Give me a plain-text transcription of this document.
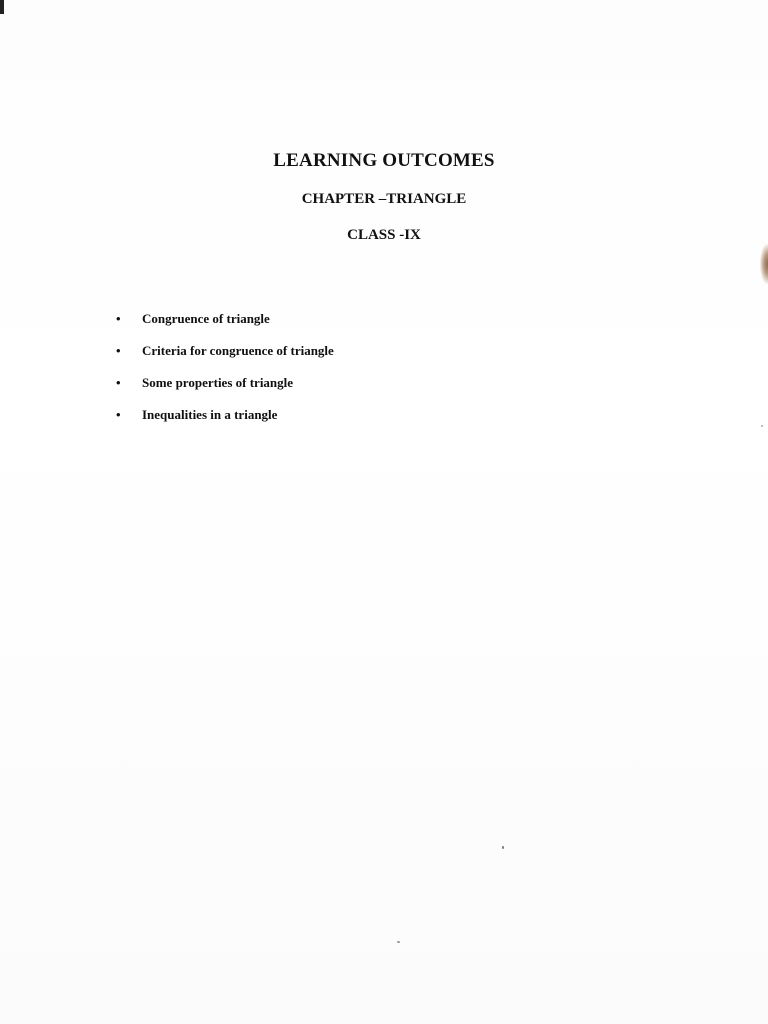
LEARNING OUTCOMES
CHAPTER –TRIANGLE
CLASS -IX
• Congruence of triangle
• Criteria for congruence of triangle
• Some properties of triangle
• Inequalities in a triangle
